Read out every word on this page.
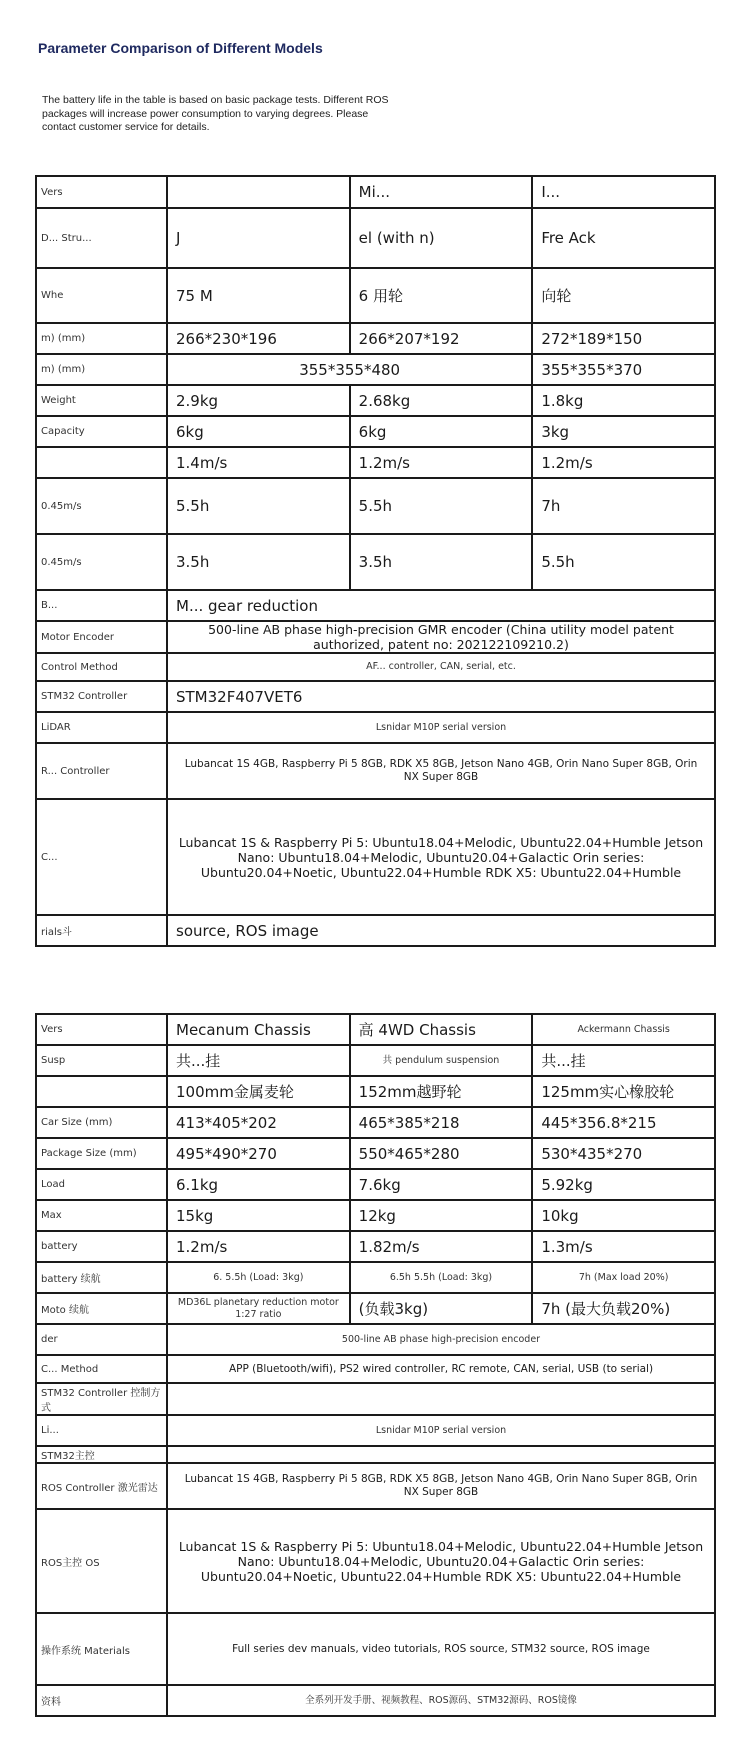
Parameter Comparison of Different Models
The battery life in the table is based on basic package tests. Different ROS packages will increase power consumption to varying degrees. Please contact customer service for details.
Vers		Mi...	I...
D... Stru...	J	el (with n)	Fre Ack
Whe	75 M	6 用轮	向轮
m) (mm)	266*230*196	266*207*192	272*189*150
m) (mm)	355*355*480		355*355*370
Weight	2.9kg	2.68kg	1.8kg
Capacity	6kg	6kg	3kg
	1.4m/s	1.2m/s	1.2m/s
0.45m/s	5.5h	5.5h	7h
0.45m/s	3.5h	3.5h	5.5h
B...	M... gear reduction		
Motor Encoder	500-line AB phase high-precision GMR encoder (China utility model patent authorized, patent no: 202122109210.2)		
Control Method	AF... controller, CAN, serial, etc.		
STM32 Controller	STM32F407VET6		
LiDAR	Lsnidar M10P serial version		
R... Controller	Lubancat 1S 4GB, Raspberry Pi 5 8GB, RDK X5 8GB, Jetson Nano 4GB, Orin Nano Super 8GB, Orin NX Super 8GB		
C...	Lubancat 1S & Raspberry Pi 5: Ubuntu18.04+Melodic, Ubuntu22.04+Humble Jetson Nano: Ubuntu18.04+Melodic, Ubuntu20.04+Galactic Orin series: Ubuntu20.04+Noetic, Ubuntu22.04+Humble RDK X5: Ubuntu22.04+Humble		
rials斗	source, ROS image		
Vers	Mecanum Chassis	高 4WD Chassis	Ackermann Chassis
Susp	共...挂	共 pendulum suspension	共...挂
	100mm金属麦轮	152mm越野轮	125mm实心橡胶轮
Car Size (mm)	413*405*202	465*385*218	445*356.8*215
Package Size (mm)	495*490*270	550*465*280	530*435*270
Load	6.1kg	7.6kg	5.92kg
Max	15kg	12kg	10kg
battery	1.2m/s	1.82m/s	1.3m/s
battery 续航	6. 5.5h (Load: 3kg)	6.5h 5.5h (Load: 3kg)	7h (Max load 20%)
Moto 续航	MD36L planetary reduction motor 1:27 ratio	(负载3kg)	7h (最大负载20%)
der	500-line AB phase high-precision encoder		
C... Method	APP (Bluetooth/wifi), PS2 wired controller, RC remote, CAN, serial, USB (to serial)		
STM32 Controller 控制方式			
Li...	Lsnidar M10P serial version		
STM32主控			
ROS Controller 激光雷达	Lubancat 1S 4GB, Raspberry Pi 5 8GB, RDK X5 8GB, Jetson Nano 4GB, Orin Nano Super 8GB, Orin NX Super 8GB		
ROS主控 OS	Lubancat 1S & Raspberry Pi 5: Ubuntu18.04+Melodic, Ubuntu22.04+Humble Jetson Nano: Ubuntu18.04+Melodic, Ubuntu20.04+Galactic Orin series: Ubuntu20.04+Noetic, Ubuntu22.04+Humble RDK X5: Ubuntu22.04+Humble		
操作系统 Materials	Full series dev manuals, video tutorials, ROS source, STM32 source, ROS image		
资料	全系列开发手册、视频教程、ROS源码、STM32源码、ROS镜像		
